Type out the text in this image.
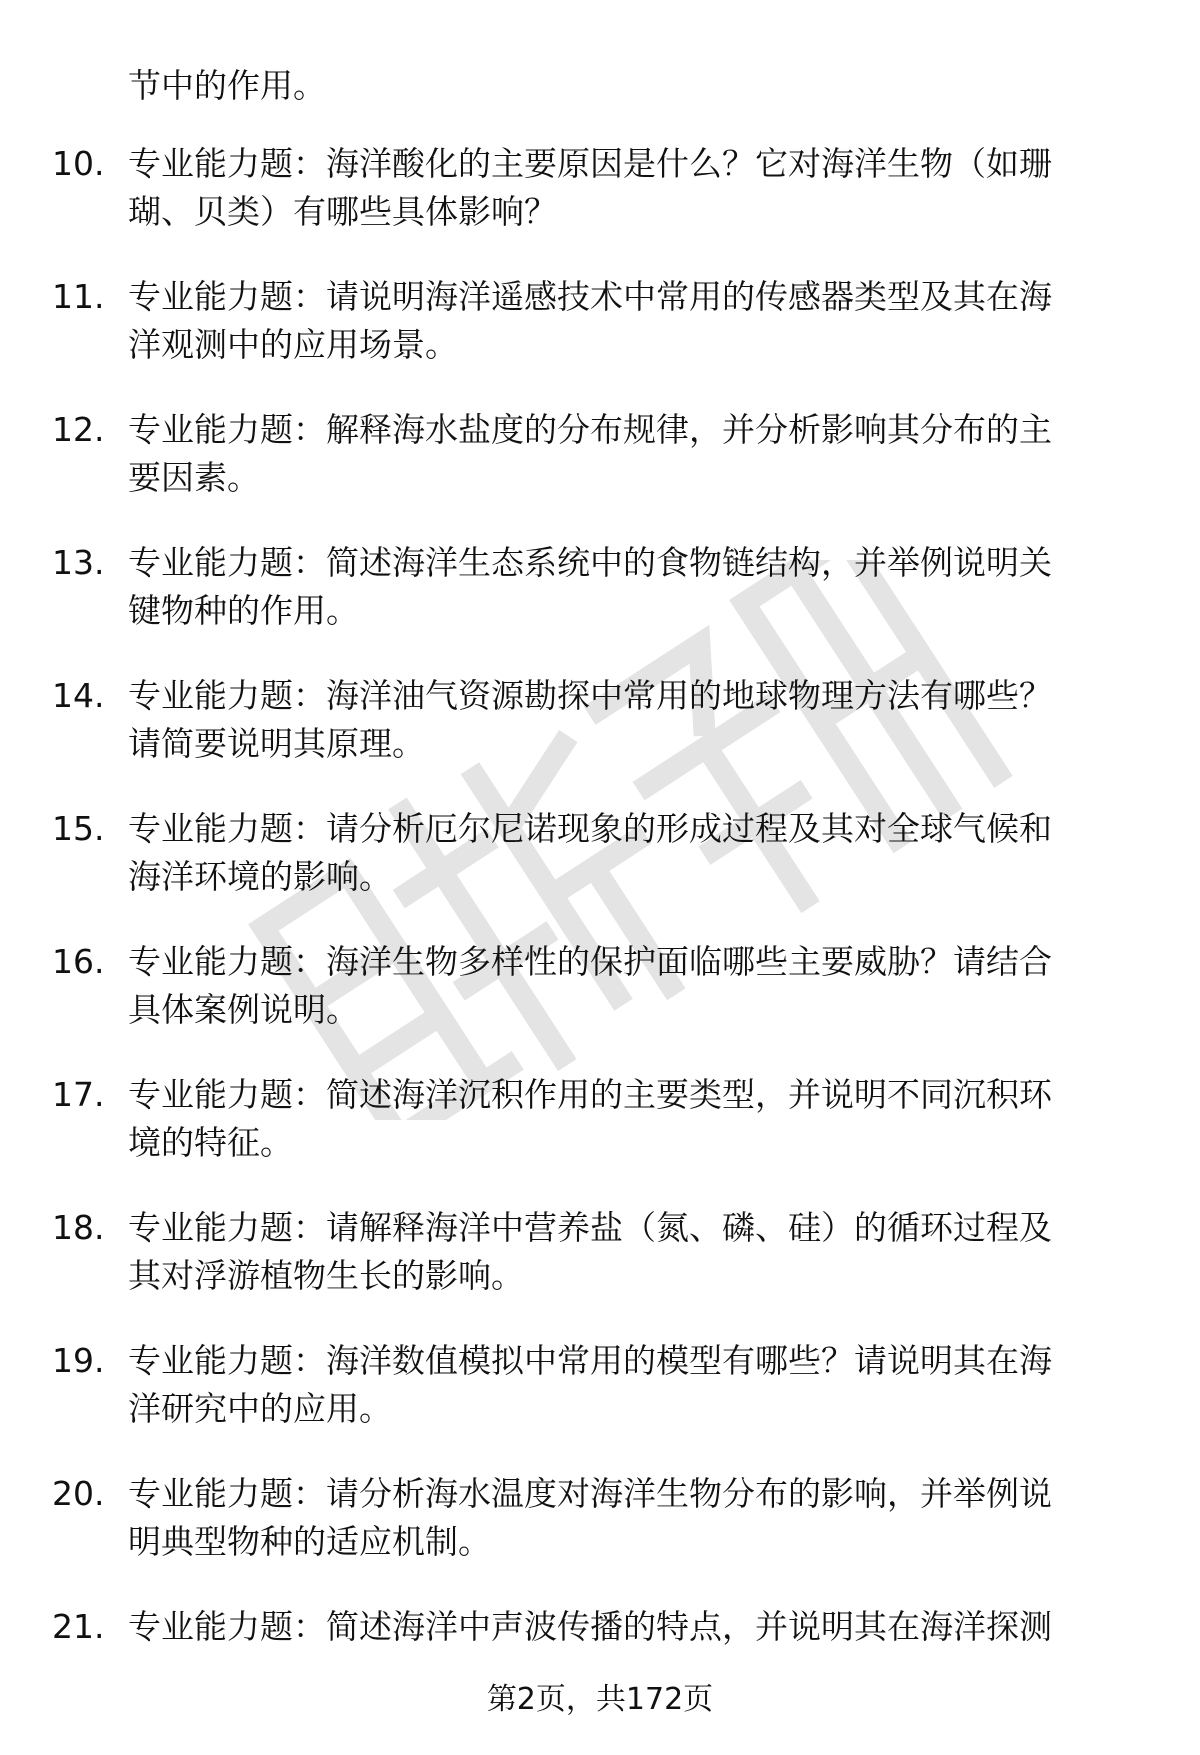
节中的作用。
10. 专业能力题：海洋酸化的主要原因是什么？它对海洋生物（如珊
瑚、贝类）有哪些具体影响？
11. 专业能力题：请说明海洋遥感技术中常用的传感器类型及其在海
洋观测中的应用场景。
12. 专业能力题：解释海水盐度的分布规律，并分析影响其分布的主
要因素。
13. 专业能力题：简述海洋生态系统中的食物链结构，并举例说明关
键物种的作用。
14. 专业能力题：海洋油气资源勘探中常用的地球物理方法有哪些？
请简要说明其原理。
15. 专业能力题：请分析厄尔尼诺现象的形成过程及其对全球气候和
海洋环境的影响。
16. 专业能力题：海洋生物多样性的保护面临哪些主要威胁？请结合
具体案例说明。
17. 专业能力题：简述海洋沉积作用的主要类型，并说明不同沉积环
境的特征。
18. 专业能力题：请解释海洋中营养盐（氮、磷、硅）的循环过程及
其对浮游植物生长的影响。
19. 专业能力题：海洋数值模拟中常用的模型有哪些？请说明其在海
洋研究中的应用。
20. 专业能力题：请分析海水温度对海洋生物分布的影响，并举例说
明典型物种的适应机制。
21. 专业能力题：简述海洋中声波传播的特点，并说明其在海洋探测
第2页，共172页
